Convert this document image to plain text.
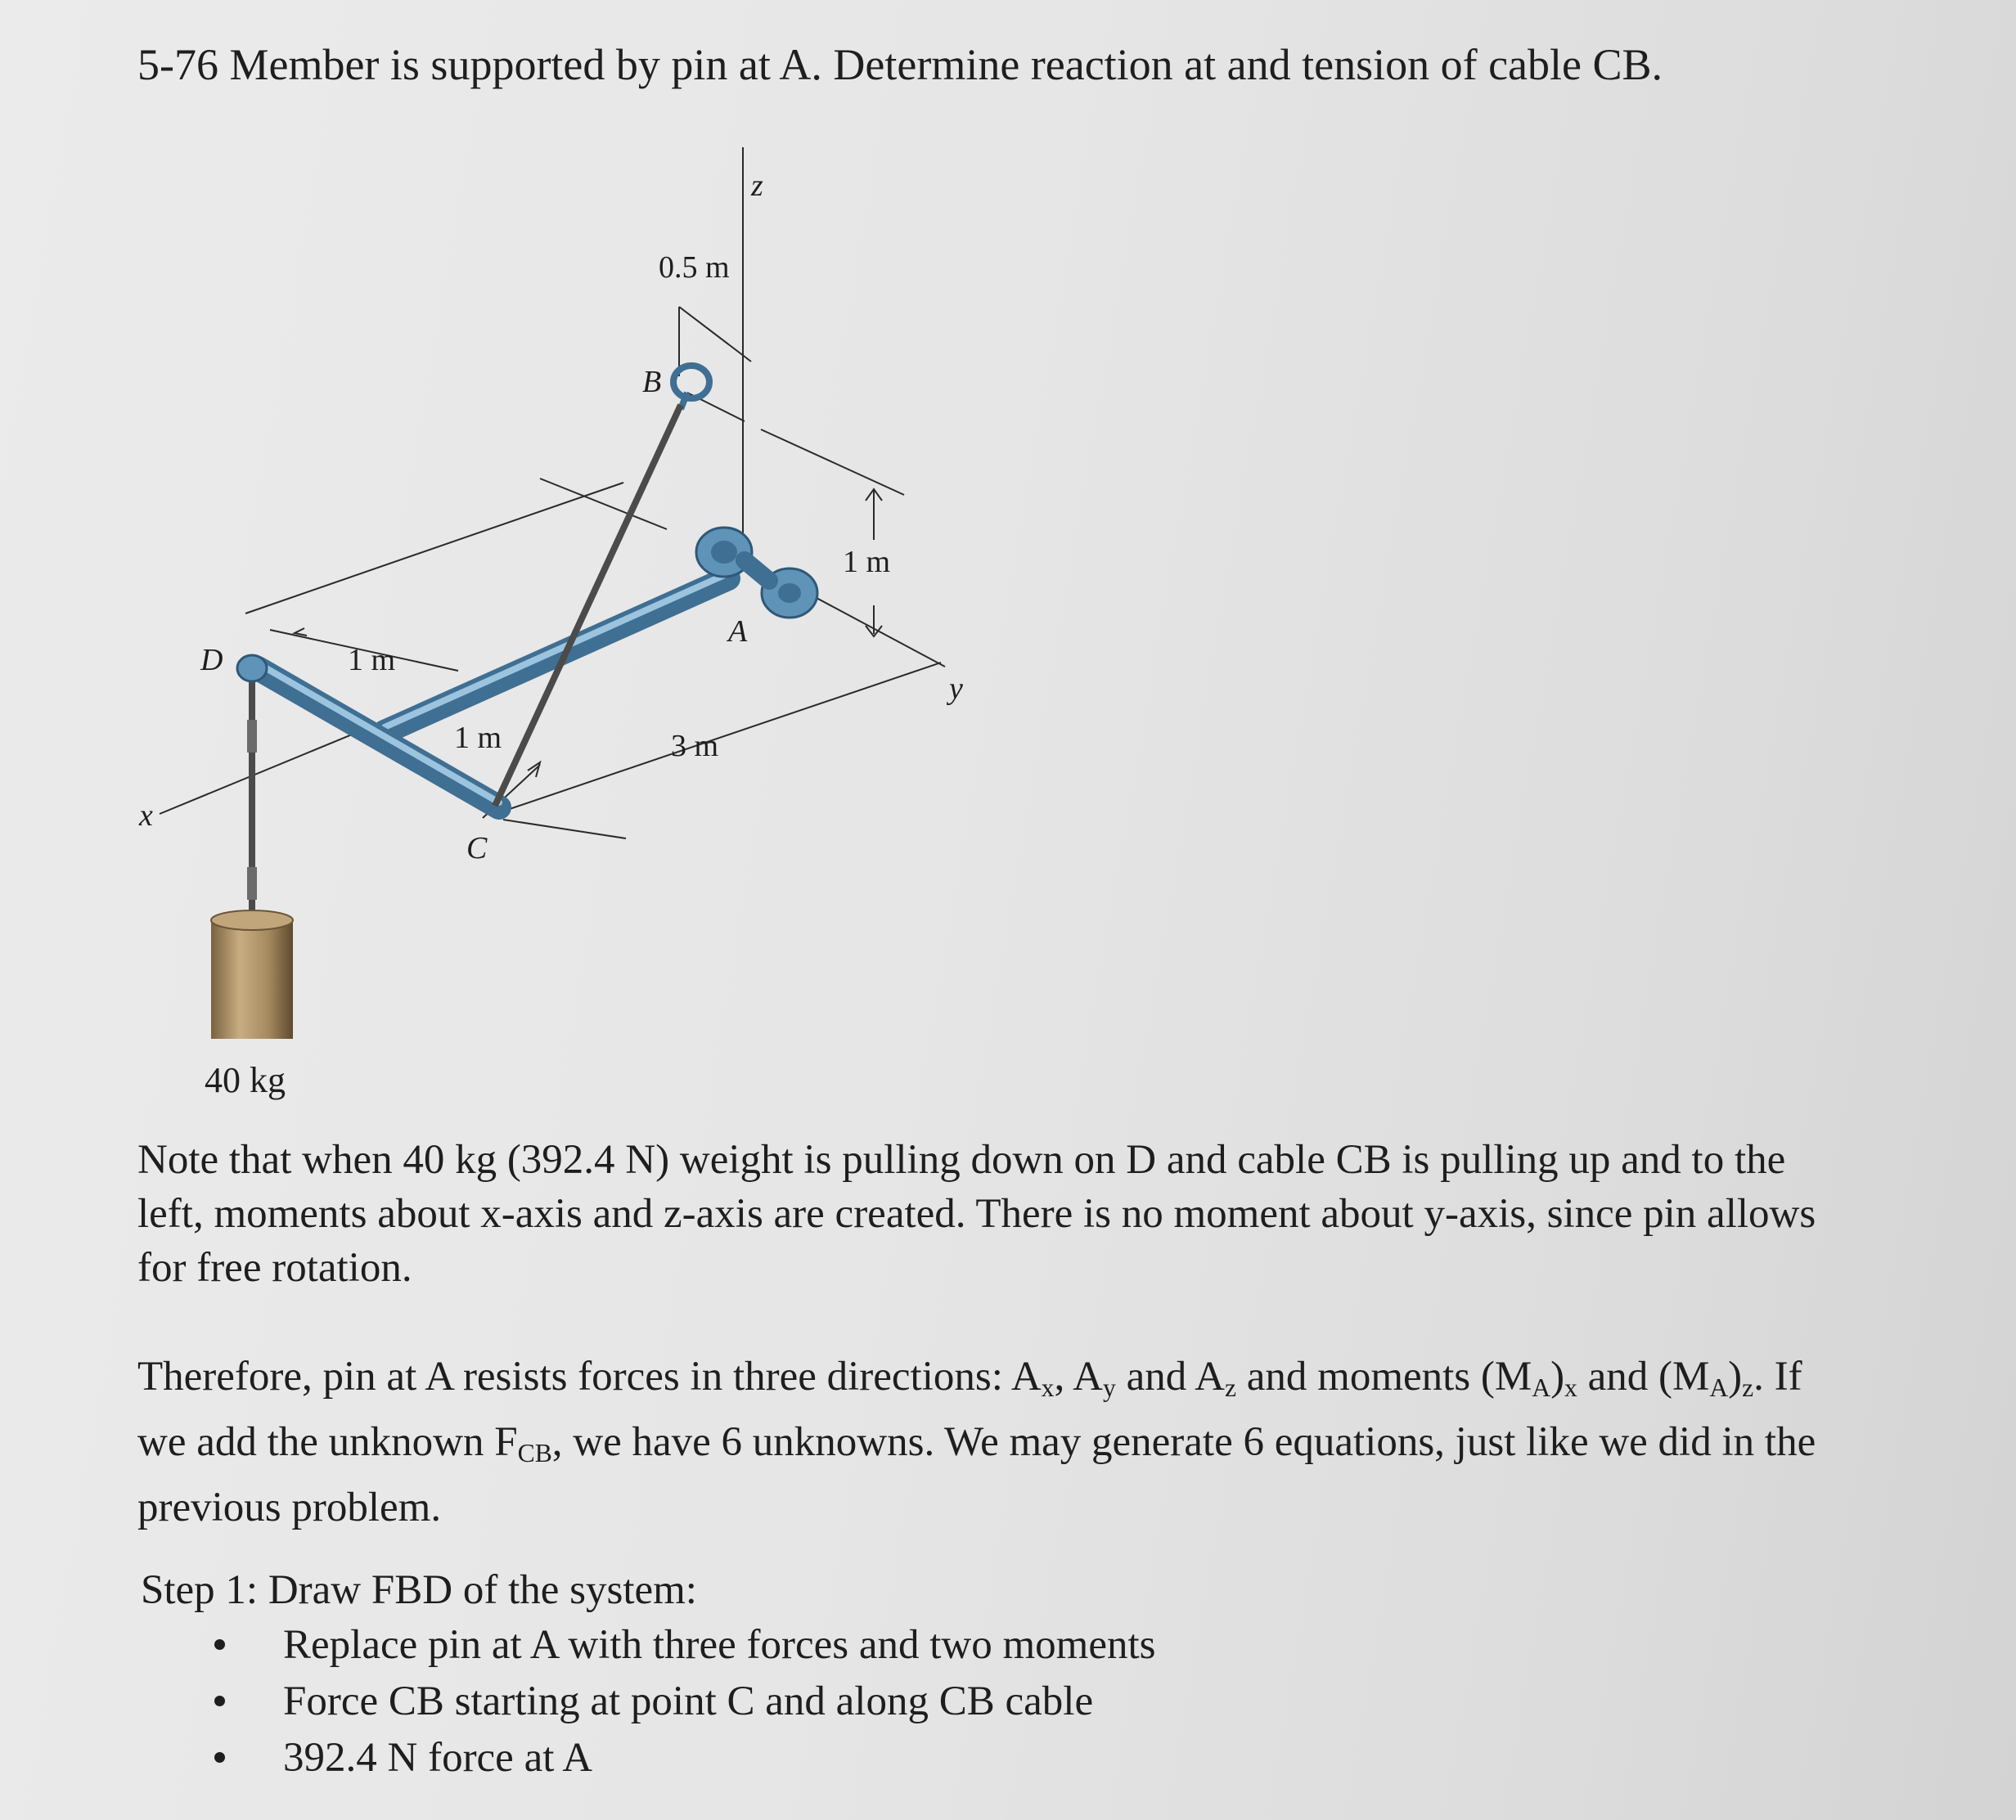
5-76 Member is supported by pin at A. Determine reaction at and tension of cable CB.
z
y
x
B
A
C
D
0.5 m
1 m
1 m
1 m	3 m
40 kg

Note that when 40 kg (392.4 N) weight is pulling down on D and cable CB is pulling up and to the left, moments about x-axis and z-axis are created. There is no moment about y-axis, since pin allows for free rotation.

Therefore, pin at A resists forces in three directions: $A_x$, $A_y$ and $A_z$ and moments $(M_A)_x$ and $(M_A)_z$. If we add the unknown $F_{CB}$, we have 6 unknowns. We may generate 6 equations, just like we did in the previous problem.

Step 1: Draw FBD of the system:

Replace pin at A with three forces and two moments
Force CB starting at point C and along CB cable
392.4 N force at A
